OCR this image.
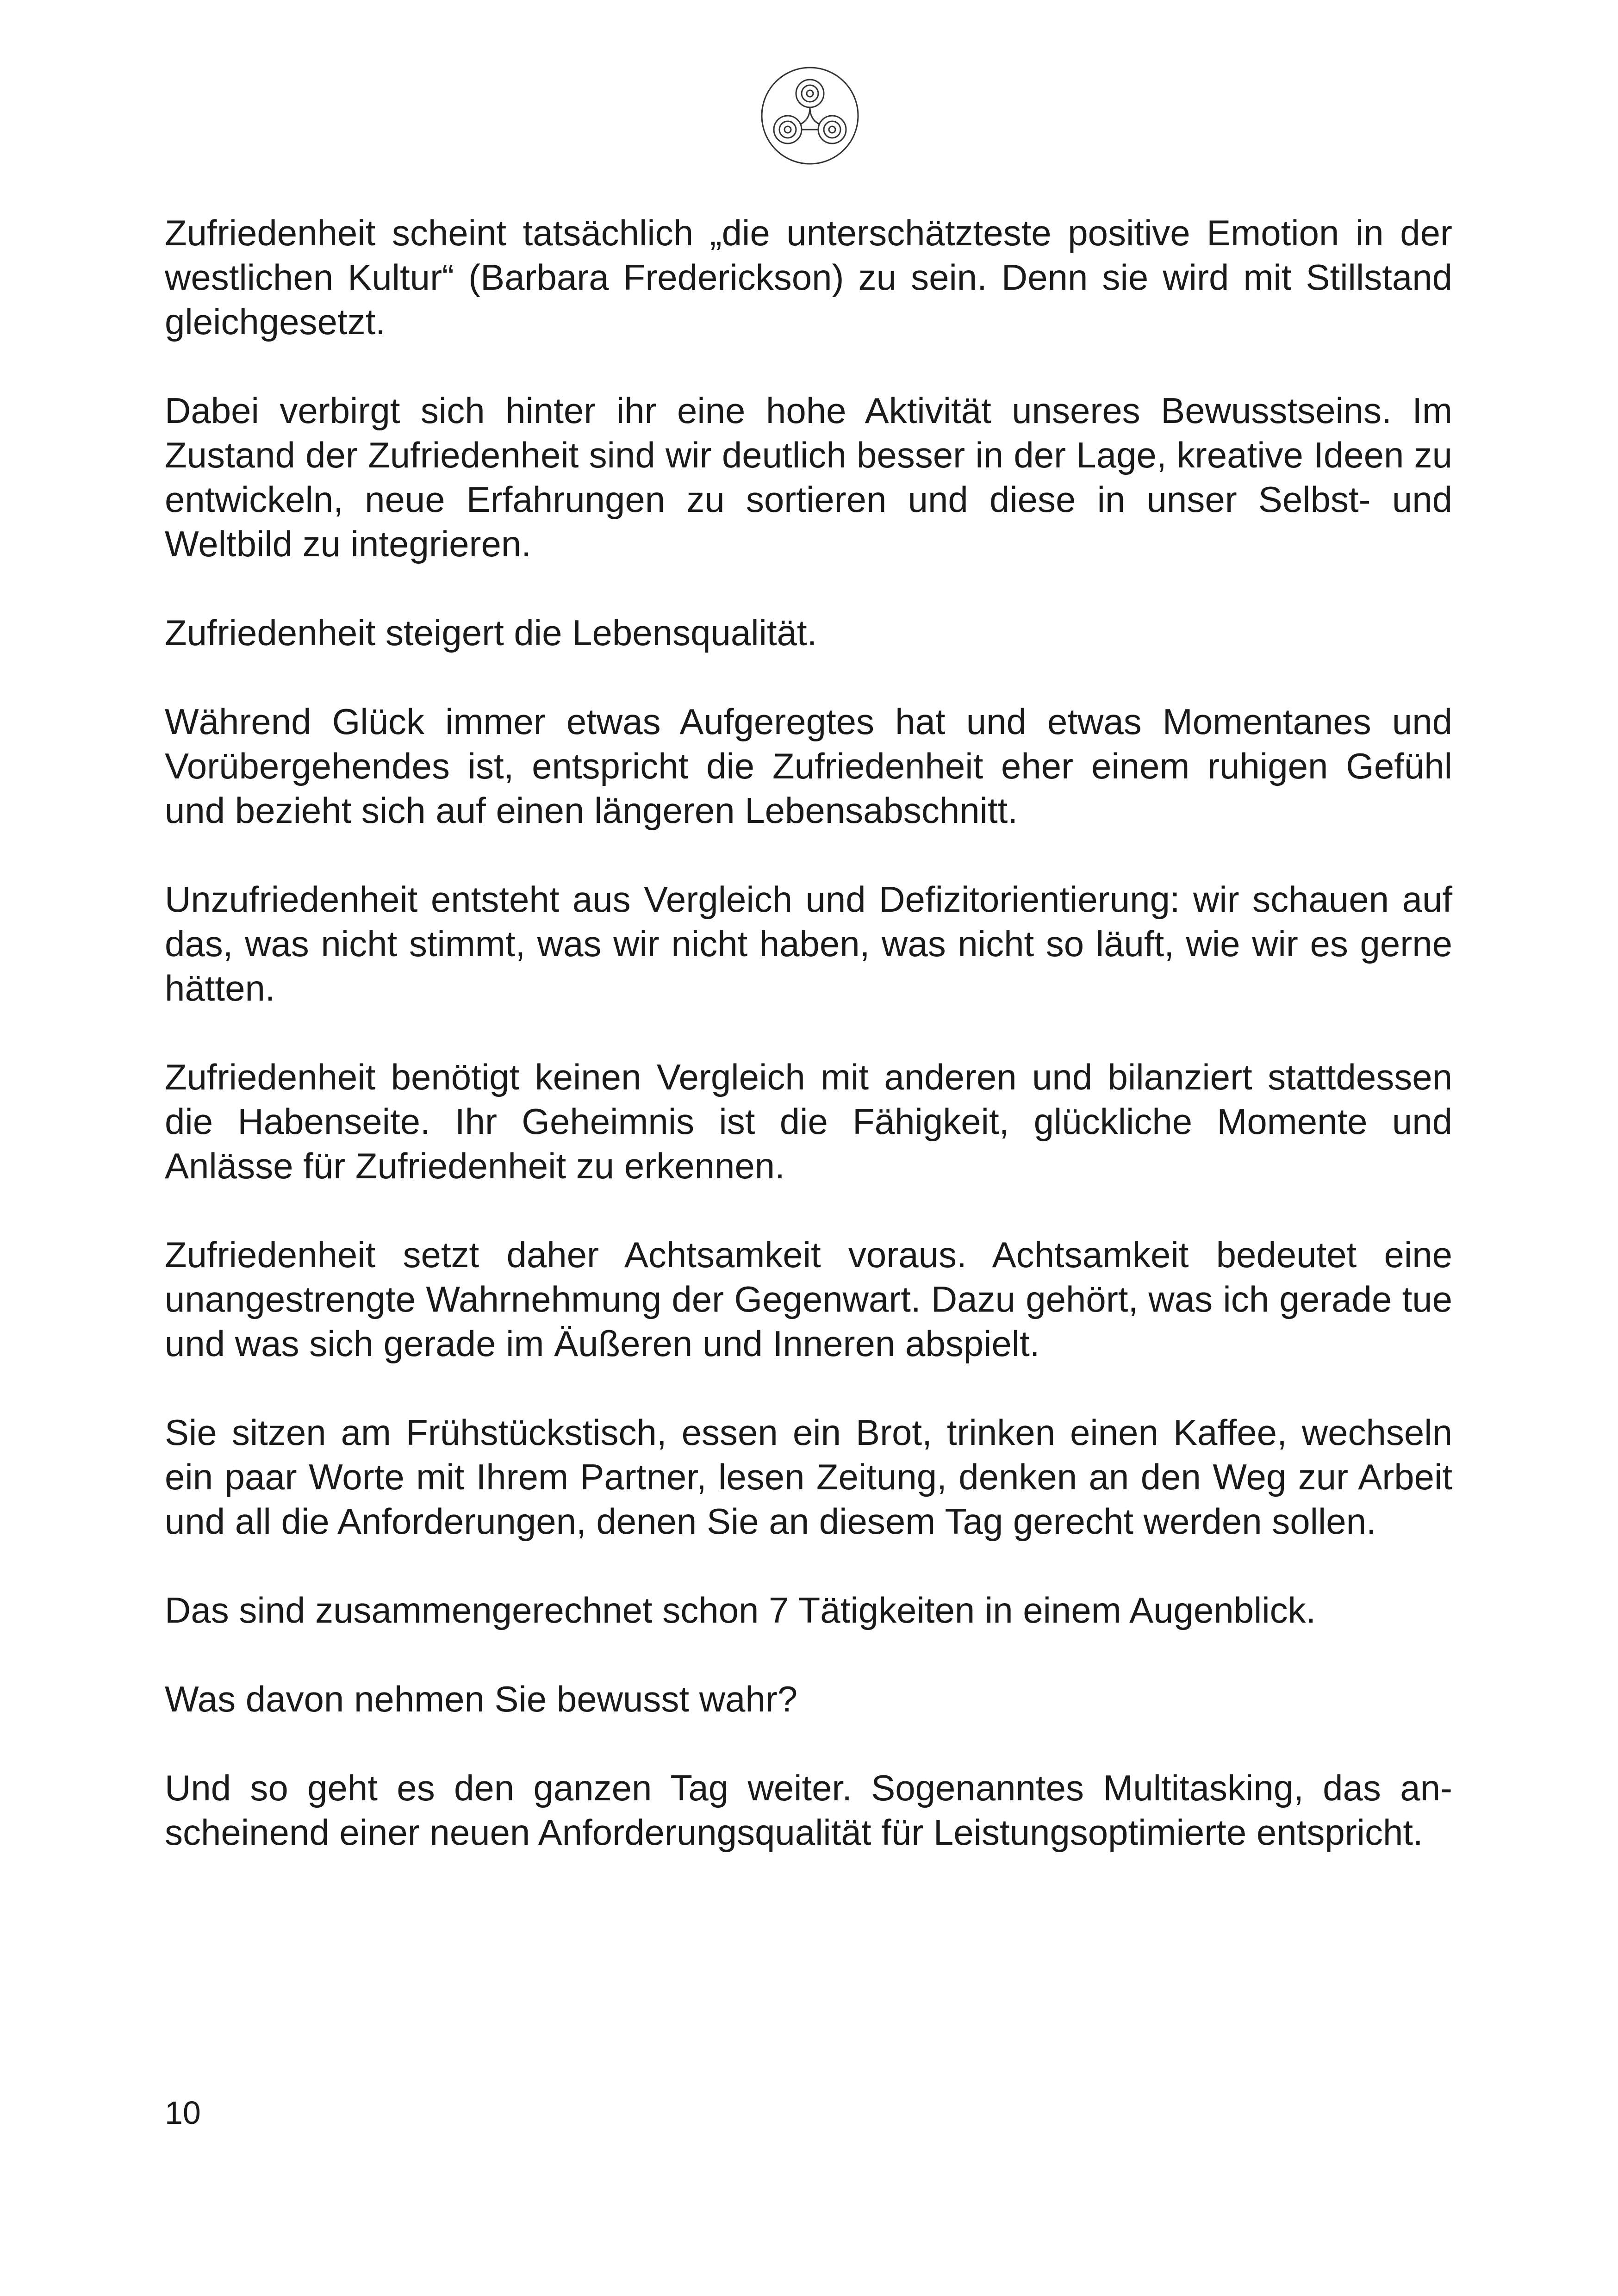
Zufriedenheit scheint tatsächlich „die unterschätzteste positive Emotion in der westlichen Kultur“ (Barbara Frederickson) zu sein. Denn sie wird mit Stillstand gleichgesetzt.

Dabei verbirgt sich hinter ihr eine hohe Aktivität unseres Bewusstseins. Im Zustand der Zufriedenheit sind wir deutlich besser in der Lage, kreative Ideen zu entwickeln, neue Erfahrungen zu sortieren und diese in unser Selbst- und Weltbild zu integrieren.

Zufriedenheit steigert die Lebensqualität.

Während Glück immer etwas Aufgeregtes hat und etwas Momentanes und Vorübergehendes ist, entspricht die Zufriedenheit eher einem ruhigen Gefühl und bezieht sich auf einen längeren Lebensabschnitt.

Unzufriedenheit entsteht aus Vergleich und Defizitorientierung: wir schauen auf das, was nicht stimmt, was wir nicht haben, was nicht so läuft, wie wir es gerne hätten.

Zufriedenheit benötigt keinen Vergleich mit anderen und bilanziert stattdessen die Habenseite. Ihr Geheimnis ist die Fähigkeit, glückliche Momente und Anlässe für Zufriedenheit zu erkennen.

Zufriedenheit setzt daher Achtsamkeit voraus. Achtsamkeit bedeutet eine unangestrengte Wahrnehmung der Gegenwart. Dazu gehört, was ich gerade tue und was sich gerade im Äußeren und Inneren abspielt.

Sie sitzen am Frühstückstisch, essen ein Brot, trinken einen Kaffee, wechseln ein paar Worte mit Ihrem Partner, lesen Zeitung, denken an den Weg zur Arbeit und all die Anforderungen, denen Sie an diesem Tag gerecht werden sollen.

Das sind zusammengerechnet schon 7 Tätigkeiten in einem Augenblick.

Was davon nehmen Sie bewusst wahr?

Und so geht es den ganzen Tag weiter. Sogenanntes Multitasking, das anscheinend einer neuen Anforderungsqualität für Leistungsoptimierte entspricht.

10
